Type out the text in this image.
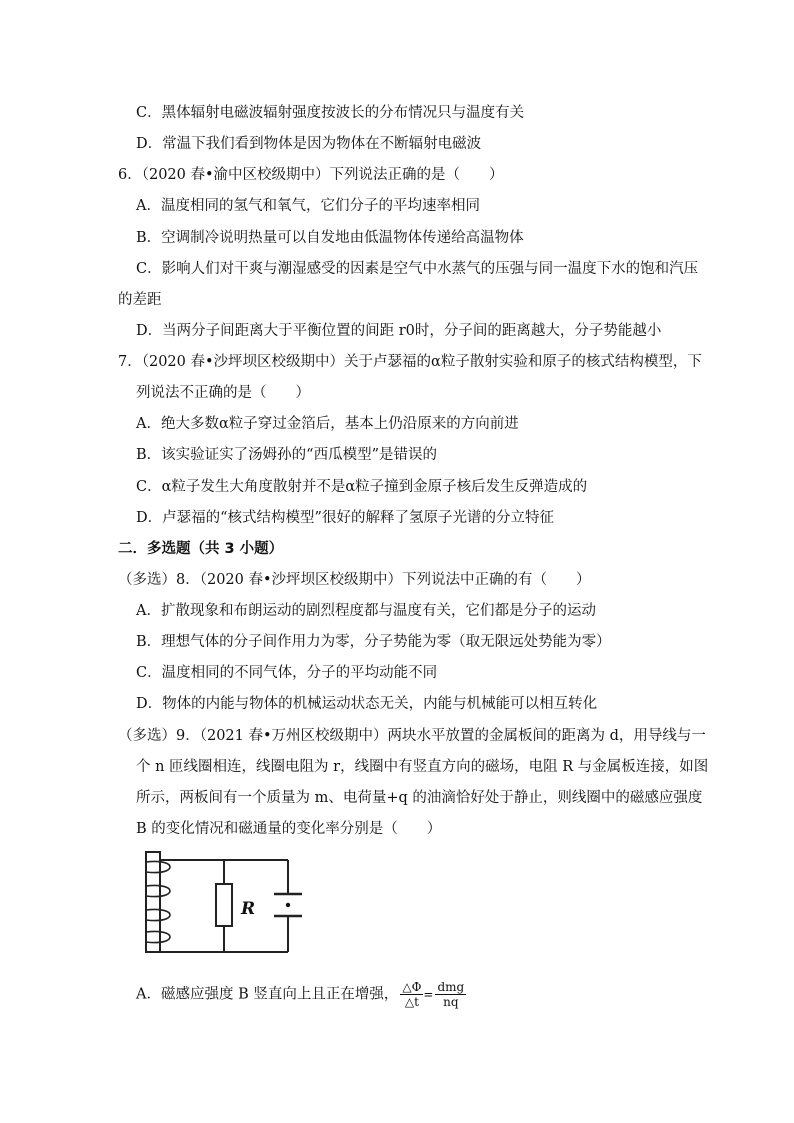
C．黑体辐射电磁波辐射强度按波长的分布情况只与温度有关
D．常温下我们看到物体是因为物体在不断辐射电磁波
6．（2020 春•渝中区校级期中）下列说法正确的是（　　）
A．温度相同的氢气和氧气，它们分子的平均速率相同
B．空调制冷说明热量可以自发地由低温物体传递给高温物体
C．影响人们对干爽与潮湿感受的因素是空气中水蒸气的压强与同一温度下水的饱和汽压
的差距
D．当两分子间距离大于平衡位置的间距 r0时，分子间的距离越大，分子势能越小
7．（2020 春•沙坪坝区校级期中）关于卢瑟福的α粒子散射实验和原子的核式结构模型，下
列说法不正确的是（　　）
A．绝大多数α粒子穿过金箔后，基本上仍沿原来的方向前进
B．该实验证实了汤姆孙的“西瓜模型”是错误的
C．α粒子发生大角度散射并不是α粒子撞到金原子核后发生反弹造成的
D．卢瑟福的“核式结构模型”很好的解释了氢原子光谱的分立特征
二．多选题（共 3 小题）
（多选）8．（2020 春•沙坪坝区校级期中）下列说法中正确的有（　　）
A．扩散现象和布朗运动的剧烈程度都与温度有关，它们都是分子的运动
B．理想气体的分子间作用力为零，分子势能为零（取无限远处势能为零）
C．温度相同的不同气体，分子的平均动能不同
D．物体的内能与物体的机械运动状态无关，内能与机械能可以相互转化
（多选）9．（2021 春•万州区校级期中）两块水平放置的金属板间的距离为 d，用导线与一
个 n 匝线圈相连，线圈电阻为 r，线圈中有竖直方向的磁场，电阻 R 与金属板连接，如图
所示，两板间有一个质量为 m、电荷量+q 的油滴恰好处于静止，则线圈中的磁感应强度
B 的变化情况和磁通量的变化率分别是（　　）
R
A．磁感应强度 B 竖直向上且正在增强， $\frac{\triangle\Phi}{\triangle t} = \frac{\text{dmg}}{nq}$
